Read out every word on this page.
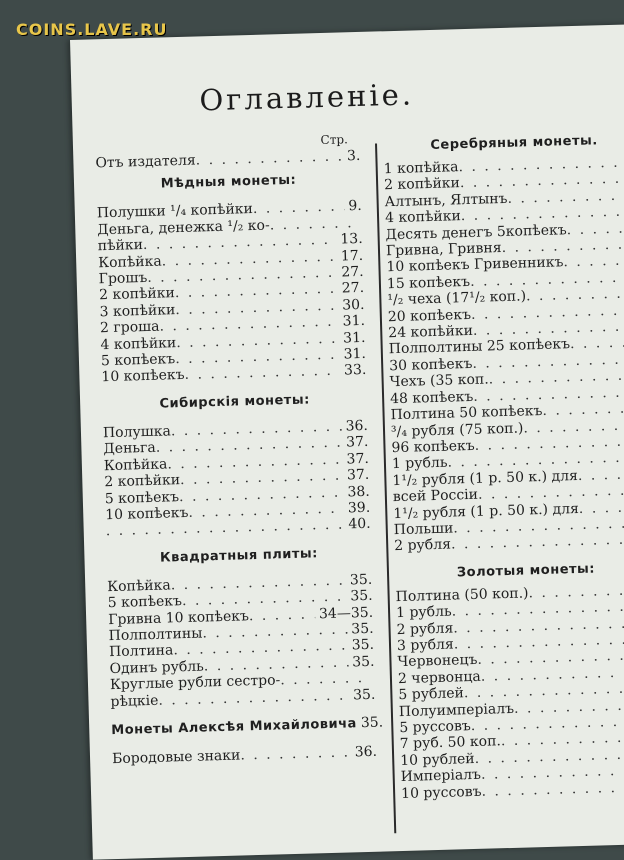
COINS.LAVE.RU
Оглавленіе.
Стр.
Отъ издателя . . .	3.
Мѣдныя монеты:
Полушки ¹/₄ копѣйки . . .	9.
Деньга, денежка ¹/₂ ко-
. . .
пѣйки . . .	13.
Копѣйка . . .	17.
Грошъ . . .	27.
2 копѣйки . . .	27.
3 копѣйки . . .	30.
2 гроша . . .	31.
4 копѣйки . . .	31.
5 копѣекъ . . .	31.
10 копѣекъ . . .	33.
Сибирскія монеты:
Полушка . . .	36.
Деньга . . .	37.
Копѣйка . . .	37.
2 копѣйки . . .	37.
5 копѣекъ . . .	38.
10 копѣекъ . . .	39.
. . .
40.
Квадратныя плиты:
Копѣйка . . .	35.
5 копѣекъ . . .	35.
Гривна 10 копѣекъ . . .	34—35.
Полполтины . . .	35.
Полтина . . .	35.
Одинъ рубль . . .	35.
Круглые рубли сестро-
. . .
рѣцкіе . . .	35.
Монеты Алексѣя Михайловича 35.
Бородовые знаки . . .	36.
Серебряныя монеты.
1 копѣйка
. . .
2 копѣйки
. . .
Алтынъ, Ялтынъ
. . .
4 копѣйки
. . .
Десять денегъ 5копѣекъ
. . .
Гривна, Гривня
. . .
10 копѣекъ Гривенникъ
. . .
15 копѣекъ
. . .
¹/₂ чеха (17¹/₂ коп.)
. . .
20 копѣекъ
. . .
24 копѣйки
. . .
Полполтины 25 копѣекъ
. . .
30 копѣекъ
. . .
Чехъ (35 коп.
. . .
48 копѣекъ
. . .
Полтина 50 копѣекъ
. . .
³/₄ рубля (75 коп.)
. . .
96 копѣекъ
. . .
1 рубль
. . .
1¹/₂ рубля (1 р. 50 к.) для
. . .
всей Россіи
. . .
1¹/₂ рубля (1 р. 50 к.) для
. . .
Польши
. . .
2 рубля
. . .
Золотыя монеты:
Полтина (50 коп.)
. . .
1 рубль
. . .
2 рубля
. . .
3 рубля
. . .
Червонецъ
. . .
2 червонца
. . .
5 рублей
. . .
Полуимперіалъ
. . .
5 руссовъ
. . .
7 руб. 50 коп.
. . .
10 рублей
. . .
Имперіалъ
. . .
10 руссовъ
. . .
